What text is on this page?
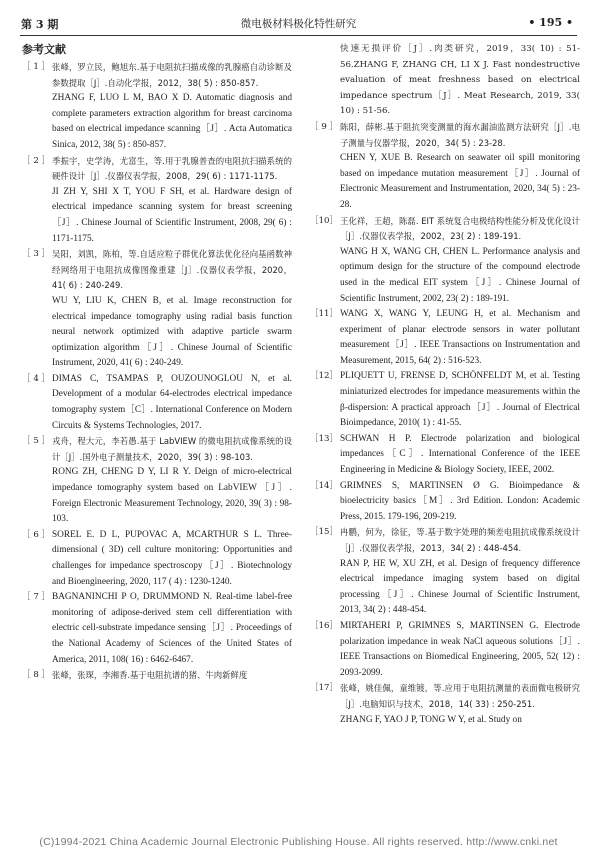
第 3 期	微电极材料极化特性研究	• 195 •
参考文献
［ 1 ］ 张峰，罗立民，鲍旭东.基于电阻抗扫描成像的乳腺癌自动诊断及参数提取［J］.自动化学报，2012，38( 5) : 850-857.
ZHANG F, LUO L M, BAO X D. Automatic diagnosis and complete parameters extraction algorithm for breast carcinoma based on electrical impedance scanning［J］. Acta Automatica Sinica, 2012, 38( 5) : 850-857.
［ 2 ］ 季振宇，史学涛，尤富生，等.用于乳腺普查的电阻抗扫描系统的硬件设计［J］.仪器仪表学报，2008，29( 6) : 1171-1175.
JI ZH Y, SHI X T, YOU F SH, et al. Hardware design of electrical impedance scanning system for breast screening［J］. Chinese Journal of Scientific Instrument, 2008, 29( 6) : 1171-1175.
［ 3 ］ 吴阳，刘凯，陈柏，等.自适应粒子群优化算法优化径向基函数神经网络用于电阻抗成像图像重建［J］.仪器仪表学报，2020，41( 6) : 240-249.
WU Y, LIU K, CHEN B, et al. Image reconstruction for electrical impedance tomography using radial basis function neural network optimized with adaptive particle swarm optimization algorithm［J］. Chinese Journal of Scientific Instrument, 2020, 41( 6) : 240-249.
［ 4 ］ DIMAS C, TSAMPAS P, OUZOUNOGLOU N, et al. Development of a modular 64-electrodes electrical impedance tomography system［C］. International Conference on Modern Circuits & Systems Technologies, 2017.
［ 5 ］ 戎舟，程大元，李若愚.基于 LabVIEW 的微电阻抗成像系统的设计［J］.国外电子测量技术，2020，39( 3) : 98-103.
RONG ZH, CHENG D Y, LI R Y. Deign of micro-electrical impedance tomography system based on LabVIEW［J］. Foreign Electronic Measurement Technology, 2020, 39( 3) : 98-103.
［ 6 ］ SOREL E. D L, PUPOVAC A, MCARTHUR S L. Three-dimensional ( 3D) cell culture monitoring: Opportunities and challenges for impedance spectroscopy［J］. Biotechnology and Bioengineering, 2020, 117 ( 4) : 1230-1240.
［ 7 ］ BAGNANINCHI P O, DRUMMOND N. Real-time label-free monitoring of adipose-derived stem cell differentiation with electric cell-substrate impedance sensing［J］. Proceedings of the National Academy of Sciences of the United States of America, 2011, 108( 16) : 6462-6467.
［ 8 ］ 张峰，张琛，李湘香.基于电阻抗谱的猪、牛肉新鲜度
快速无损评价［J］.肉类研究，2019，33( 10) : 51-56.ZHANG F, ZHANG CH, LI X J. Fast nondestructive evaluation of meat freshness based on electrical impedance spectrum［J］. Meat Research, 2019, 33( 10) : 51-56.
［ 9 ］ 陈阳，薛彬.基于阻抗突变测量的海水漏油监测方法研究［J］.电子测量与仪器学报，2020，34( 5) : 23-28.
CHEN Y, XUE B. Research on seawater oil spill monitoring based on impedance mutation measurement［J］. Journal of Electronic Measurement and Instrumentation, 2020, 34( 5) : 23-28.
［10］ 王化祥，王超，陈磊. EIT 系统复合电极结构性能分析及优化设计［J］.仪器仪表学报，2002，23( 2) : 189-191.
WANG H X, WANG CH, CHEN L. Performance analysis and optimum design for the structure of the compound electrode used in the medical EIT system［J］. Chinese Journal of Scientific Instrument, 2002, 23( 2) : 189-191.
［11］ WANG X, WANG Y, LEUNG H, et al. Mechanism and experiment of planar electrode sensors in water pollutant measurement［J］. IEEE Transactions on Instrumentation and Measurement, 2015, 64( 2) : 516-523.
［12］ PLIQUETT U, FRENSE D, SCHÖNFELDT M, et al. Testing miniaturized electrodes for impedance measurements within the β-dispersion: A practical approach［J］. Journal of Electrical Bioimpedance, 2010( 1) : 41-55.
［13］ SCHWAN H P. Electrode polarization and biological impedances［C］. International Conference of the IEEE Engineering in Medicine & Biology Society, IEEE, 2002.
［14］ GRIMNES S, MARTINSEN Ø G. Bioimpedance & bioelectricity basics［M］. 3rd Edition. London: Academic Press, 2015. 179-196, 209-219.
［15］ 冉鹏，何为，徐征，等.基于数字处理的频差电阻抗成像系统设计［J］.仪器仪表学报，2013，34( 2) : 448-454.
RAN P, HE W, XU ZH, et al. Design of frequency difference electrical impedance imaging system based on digital processing［J］. Chinese Journal of Scientific Instrument, 2013, 34( 2) : 448-454.
［16］ MIRTAHERI P, GRIMNES S, MARTINSEN G. Electrode polarization impedance in weak NaCl aqueous solutions［J］. IEEE Transactions on Biomedical Engineering, 2005, 52( 12) : 2093-2099.
［17］ 张峰，姚佳佩，童维镀，等.应用于电阻抗测量的表面微电极研究［J］.电脑知识与技术，2018，14( 33) : 250-251.
ZHANG F, YAO J P, TONG W Y, et al. Study on
(C)1994-2021 China Academic Journal Electronic Publishing House. All rights reserved. http://www.cnki.net
